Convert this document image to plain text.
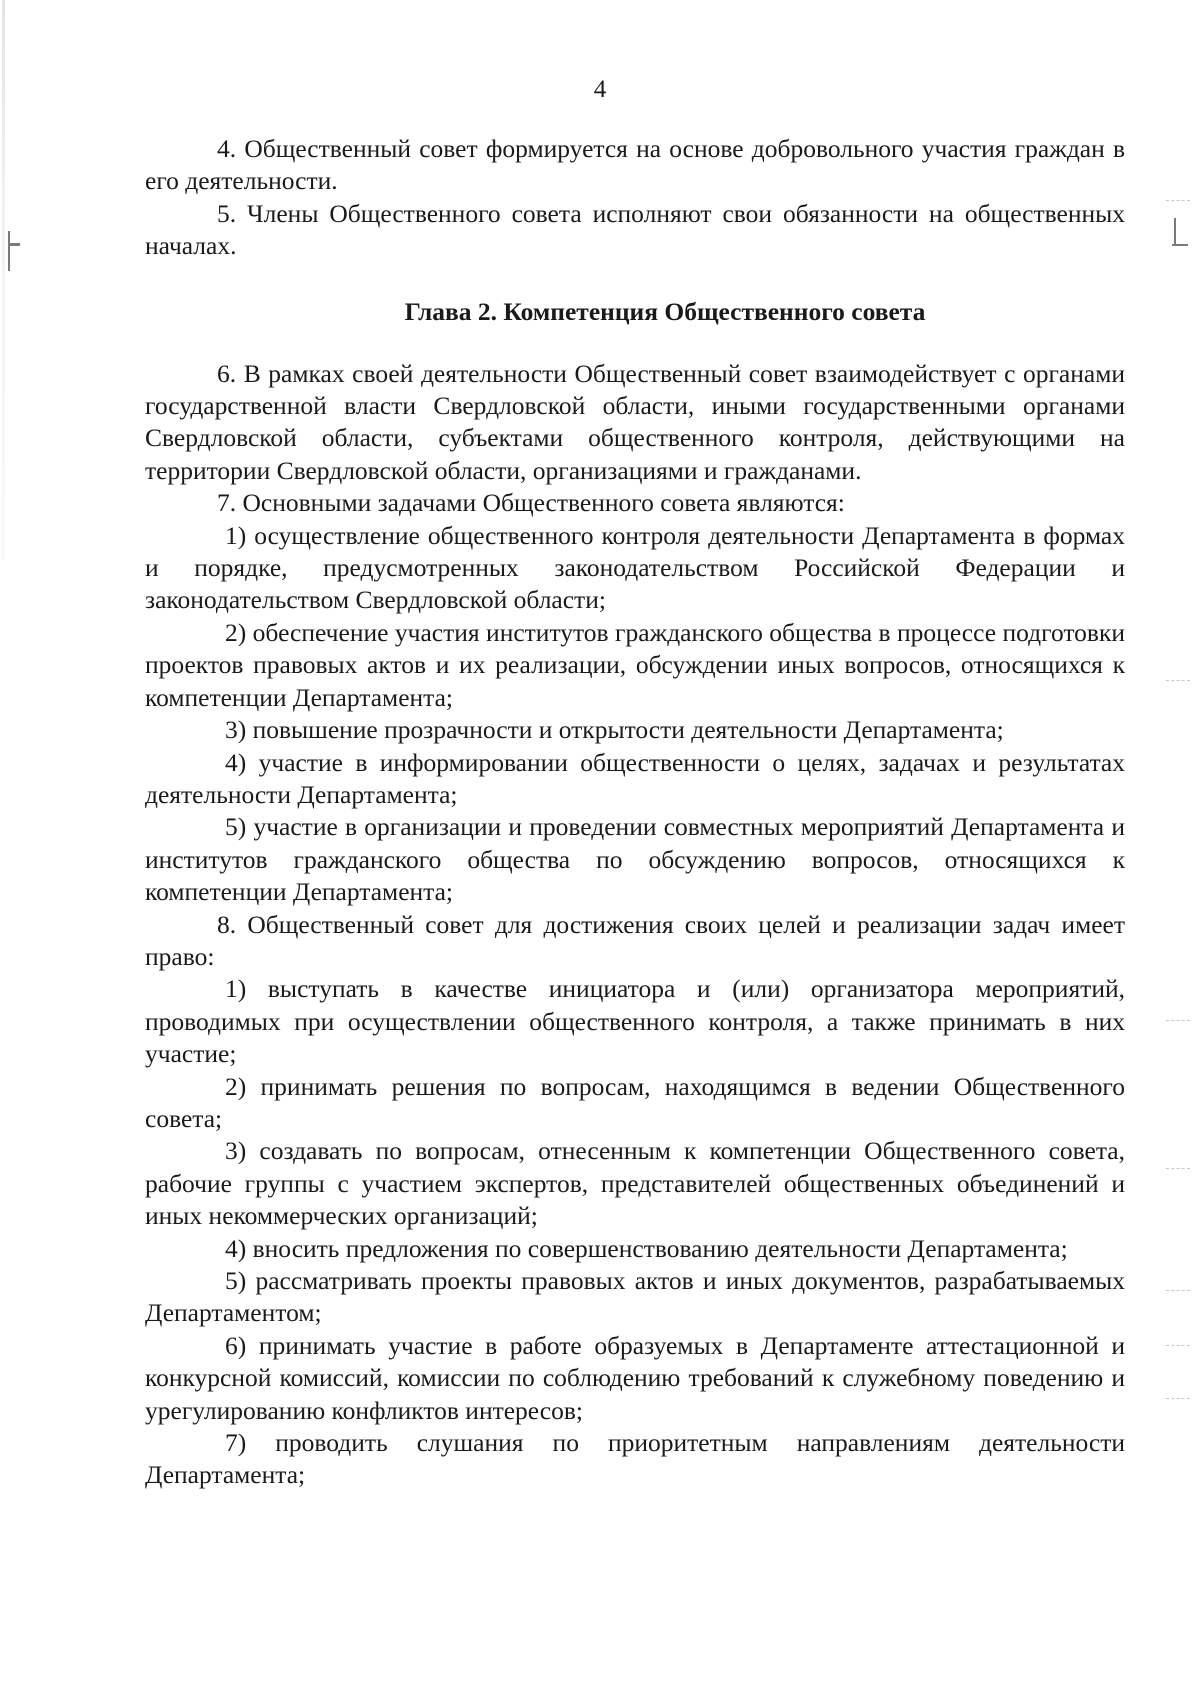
4

4. Общественный совет формируется на основе добровольного участия граждан в его деятельности.

5. Члены Общественного совета исполняют свои обязанности на общественных началах.

Глава 2. Компетенция Общественного совета

6. В рамках своей деятельности Общественный совет взаимодействует с органами государственной власти Свердловской области, иными государственными органами Свердловской области, субъектами общественного контроля, действующими на территории Свердловской области, организациями и гражданами.

7. Основными задачами Общественного совета являются:

1) осуществление общественного контроля деятельности Департамента в формах и порядке, предусмотренных законодательством Российской Федерации и законодательством Свердловской области;

2) обеспечение участия институтов гражданского общества в процессе подготовки проектов правовых актов и их реализации, обсуждении иных вопросов, относящихся к компетенции Департамента;

3) повышение прозрачности и открытости деятельности Департамента;

4) участие в информировании общественности о целях, задачах и результатах деятельности Департамента;

5) участие в организации и проведении совместных мероприятий Департамента и институтов гражданского общества по обсуждению вопросов, относящихся к компетенции Департамента;

8. Общественный совет для достижения своих целей и реализации задач имеет право:

1) выступать в качестве инициатора и (или) организатора мероприятий, проводимых при осуществлении общественного контроля, а также принимать в них участие;

2) принимать решения по вопросам, находящимся в ведении Общественного совета;

3) создавать по вопросам, отнесенным к компетенции Общественного совета, рабочие группы с участием экспертов, представителей общественных объединений и иных некоммерческих организаций;

4) вносить предложения по совершенствованию деятельности Департамента;

5) рассматривать проекты правовых актов и иных документов, разрабатываемых Департаментом;

6) принимать участие в работе образуемых в Департаменте аттестационной и конкурсной комиссий, комиссии по соблюдению требований к служебному поведению и урегулированию конфликтов интересов;

7) проводить слушания по приоритетным направлениям деятельности Департамента;
